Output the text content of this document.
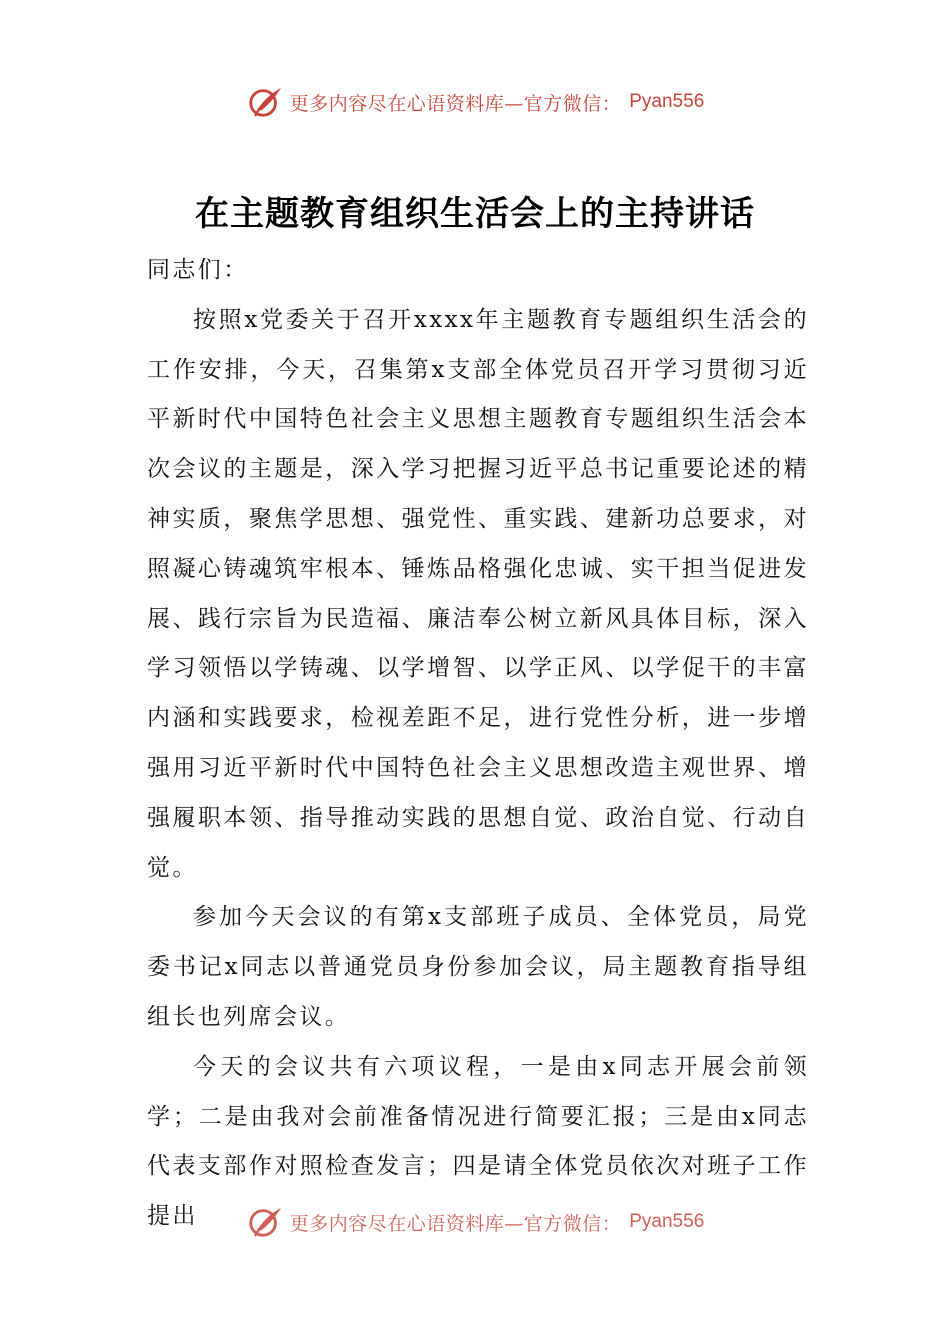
更多内容尽在心语资料库—官方微信： Pyan556
在主题教育组织生活会上的主持讲话

同志们：

按照x党委关于召开xxxx年主题教育专题组织生活会的工作安排，今天，召集第x支部全体党员召开学习贯彻习近平新时代中国特色社会主义思想主题教育专题组织生活会本次会议的主题是，深入学习把握习近平总书记重要论述的精神实质，聚焦学思想、强党性、重实践、建新功总要求，对照凝心铸魂筑牢根本、锤炼品格强化忠诚、实干担当促进发展、践行宗旨为民造福、廉洁奉公树立新风具体目标，深入学习领悟以学铸魂、以学增智、以学正风、以学促干的丰富内涵和实践要求，检视差距不足，进行党性分析，进一步增强用习近平新时代中国特色社会主义思想改造主观世界、增强履职本领、指导推动实践的思想自觉、政治自觉、行动自觉。

参加今天会议的有第x支部班子成员、全体党员，局党委书记x同志以普通党员身份参加会议，局主题教育指导组组长也列席会议。

今天的会议共有六项议程，一是由x同志开展会前领学；二是由我对会前准备情况进行简要汇报；三是由x同志代表支部作对照检查发言；四是请全体党员依次对班子工作提出	更多内容尽在心语资料库—官方微信： Pyan556
